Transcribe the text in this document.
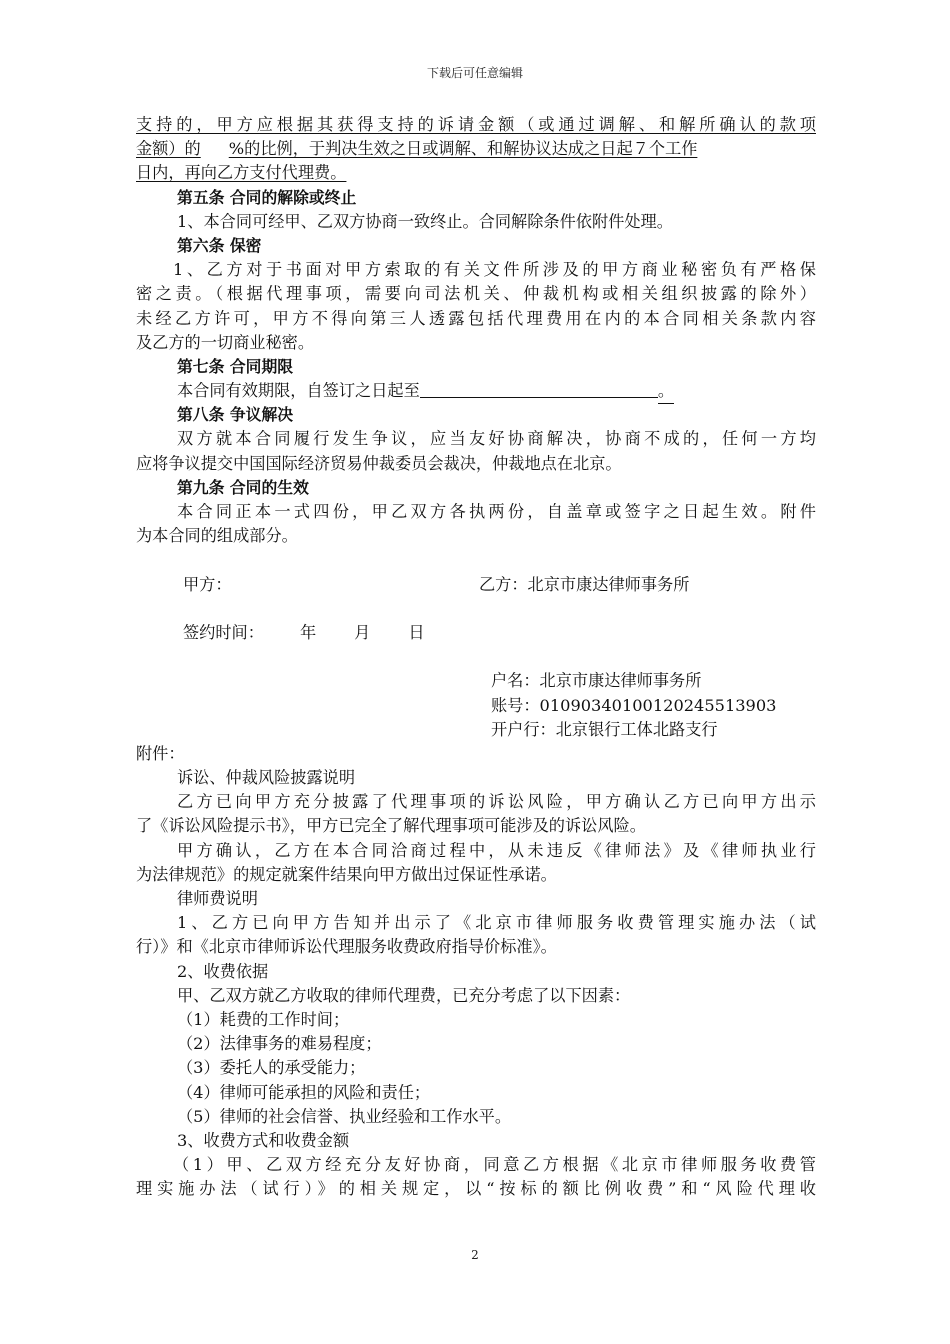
下载后可任意编辑
支持的，甲方应根据其获得支持的诉请金额（或通过调解、和解所确认的款项
金额）的 %的比例，于判决生效之日或调解、和解协议达成之日起７个工作
日内，再向乙方支付代理费。
第五条 合同的解除或终止
1、本合同可经甲、乙双方协商一致终止。合同解除条件依附件处理。
第六条 保密
1、乙方对于书面对甲方索取的有关文件所涉及的甲方商业秘密负有严格保
密之责。（根据代理事项，需要向司法机关、仲裁机构或相关组织披露的除外）
未经乙方许可，甲方不得向第三人透露包括代理费用在内的本合同相关条款内容
及乙方的一切商业秘密。
第七条 合同期限
本合同有效期限，自签订之日起至	。
第八条 争议解决
双方就本合同履行发生争议，应当友好协商解决，协商不成的，任何一方均
应将争议提交中国国际经济贸易仲裁委员会裁决，仲裁地点在北京。
第九条 合同的生效
本合同正本一式四份，甲乙双方各执两份，自盖章或签字之日起生效。附件
为本合同的组成部分。
甲方：	乙方：北京市康达律师事务所
签约时间： 年 月 日
户名：北京市康达律师事务所
账号：01090340100120245513903
开户行：北京银行工体北路支行
附件：
诉讼、仲裁风险披露说明
乙方已向甲方充分披露了代理事项的诉讼风险，甲方确认乙方已向甲方出示
了《诉讼风险提示书》，甲方已完全了解代理事项可能涉及的诉讼风险。
甲方确认，乙方在本合同洽商过程中，从未违反《律师法》及《律师执业行
为法律规范》的规定就案件结果向甲方做出过保证性承诺。
律师费说明
1、乙方已向甲方告知并出示了《北京市律师服务收费管理实施办法（试
行）》和《北京市律师诉讼代理服务收费政府指导价标准》。
2、收费依据
甲、乙双方就乙方收取的律师代理费，已充分考虑了以下因素：
（1）耗费的工作时间；
（2）法律事务的难易程度；
（3）委托人的承受能力；
（4）律师可能承担的风险和责任；
（5）律师的社会信誉、执业经验和工作水平。
3、收费方式和收费金额
（1）甲、乙双方经充分友好协商，同意乙方根据《北京市律师服务收费管
理实施办法（试行）》的相关规定，以“按标的额比例收费”和“风险代理收
2
